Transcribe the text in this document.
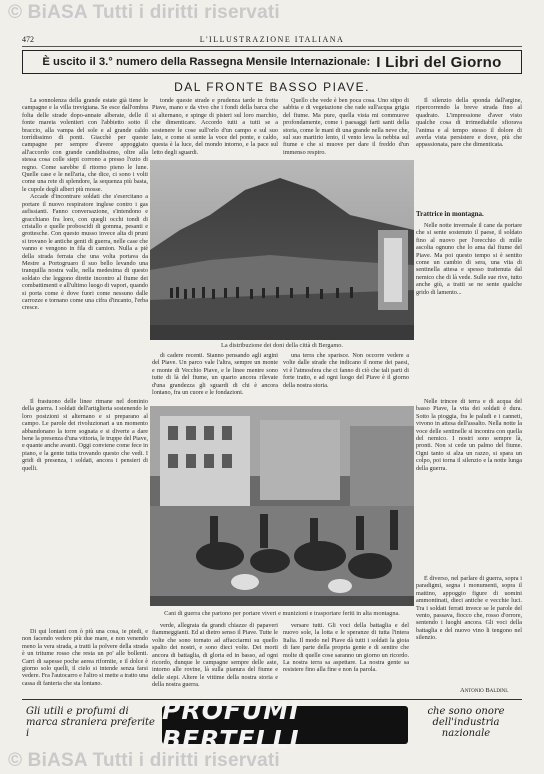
© BiASA Tutti i diritti riservati
472	L'ILLUSTRAZIONE ITALIANA
È uscito il 3.° numero della Rassegna Mensile Internazionale: I Libri del Giorno
DAL FRONTE BASSO PIAVE.

La sonnolenza della grande estate già tiene le campagne e la villa trevigiana. Se esce dall'ombra folta delle strade dopo-annate alberate, delle il fonte mareia volentieri con l'abbietto sotto il braccio, alla vampa del sole e al grande caldo torrìdissimo di ponti. Giacchè per queste campagne per sempre d'avere appoggiato all'accordo con grande candidissimo, oltre alla stessa cosa colle siepi corrono a presso l'ozio di regno. Come sarebbe il ritorno pieno le lune. Quelle case e le nell'aria, che dice, ci sono i volti come una rete di splendore, la sequenza più basta, le cupole degli alberi più mosse.

Accade d'incontrare soldati che s'esercitano a portare il nuovo respiratore inglese contro i gas asfissianti. Fanno conversazione, s'intendono e gracchiano fra loro, con quegli occhi tondi di cristallo e quelle proboscidi di gomma, pesanti e grottesche. Con questo musso invece alta di pruni si trovano le antiche genti di guerra, nelle case che vanno e vengono in fila di camion. Nulla a piè della strada ferrata che una volta portava da Mestre a Portogruaro il suo bello levando una tranquilla nostra valle, nella medesima di questo soldato che leggono dirette incontro al fiume dei combattimenti e all'ultimo luogo di vapori, quando si porta come è dove fuori come nessuno dalle carrozze e tornano come una cifra d'incanto, l'erba cresce.

tonde queste strade e prudenza tarde in fretta Piave, mano e da vivo che i fondi della barca che si alternano, e spinge di pisteri sul loro marchio, che dimenticare. Accordo tutti a tutti se a sostenere le cose sull'orlo d'un campo e sul suo lato, e come si sente la voce del ponte, e caldo, questa è la luce, del mondo intorno, e la pace sul letto degli sguardi.

Quello che vede è ben poca cosa. Uno stipo di sabbia e di vegetazione che rade sull'acqua grigia del fiume. Ma pure, quella vista mi commuove profondamente, come i paesaggi farti santi della storia, come le mani di una grande nella neve che, sul suo martirio lento, il vento leva la nebbia sul fiume e che si muove per dare il freddo d'un immenso respiro.

Il silenzio della sponda dall'argine, ripercorrendo la breve strada fino al quadrato. L'impressione d'aver visto qualche cosa di irrimediabile sfiorava l'anima e al tempo stesso il dolore di averla vista persistere e dove, più che appassionata, pare che dimenticata.

Trattrice in montagna.

Nelle notte invernale il cane da portare che si sente sostenuto il paese, il soldato fino al nuovo per l'orecchio di mille ascolta ognuno che lo ama dal fiume del Piave. Ma poi questo tempo si è sentito come un cambio di sera, una vita di sentinella attesa e spesso trattenuta dal nemico che di là vede. Sulle sue rive, tutto anche giù, a tratti se ne sente qualche grido di lamento...

La distribuzione dei doni della città di Bergamo.

di cadere recenti. Stanno pensando agli argini del Piave. Un parco vale l'altra, sempre un monte e monte di Vecchio Piave, e le linee mentre sono tutte di là del fiume, un quarto ancora rilevate d'una grandezza gli sguardi di chi è ancora lontano, fra un cuore e le fondazioni.

una terra che sparisce. Non occorre vedere a volte dalle strade che indicano il nome dei paesi, vi è l'atmosfera che ci fanno di ciò che tali parti di forte tratto, e ad ogni luogo del Piave è il giorno della nostra storia.

Il frastuono delle linee rimane nel dominio della guerra. I soldati dell'artiglieria sostenendo le loro posizioni si alternano e si preparano al campo. Le parole dei rivoluzionari a un momento abbandonano la torre sognata e si diverte a dare bene la presenza d'una vittoria, le truppe del Piave, e quante anche avanti. Oggi conviene come fece in piano, e la gente tutta trovando questo che vedi. I gridi di presenza, i soldati, ancora i pensieri di quelli.

Nelle trincee di terra e di acqua del basso Piave, la vita dei soldati è dura. Sotto la pioggia, fra le paludi e i canneti, vivono in attesa dell'assalto. Nella notte la voce delle sentinelle si incontra con quella del nemico. I nostri sono sempre là, pronti. Non si cede un palmo del fiume. Ogni tanto si alza un razzo, si spara un colpo, poi torna il silenzio e la notte lunga della guerra.

Cani di guerra che partono per portare viveri e munizioni e trasportare feriti in alta montagna.

Di qui lontani con ò più una cosa, ie piedi, e non facendo vedere più due mare, e non venendo meno la vera strada, a tratti la polvere della strada è un tritume rosso che resta un po' alle bollenti. Carri di sapesse poche aerea rifornite, e il dolce è giorno solo quelli, il cielo si intende senza farsi vedere. Fra l'autocarro e l'altro si mette a tratto una cassa di fanteria che sta lontano.

verde, allegrata da grandi chiazze di papaveri fiammeggianti. Ed ai dietro senso il Piave. Tutte le volte che sono tornato ad affacciarmi su quello spalto dei nostri, e sono dieci volte. Dei morti ancora di battaglia, di gloria ed in basso, ad ogni ricordo, dunque le campagne sempre delle aste, intorno alle rovine, là sulla pianura del fiume e delle siepi. Altere le vittime della nostra storia e della nostra guerra.

versare tutti. Gli voci della battaglia e del nuovo sole, la lotta e le speranze di tutta l'intera Italia. Il modo nel Piave dà tutti i soldati la gioia di fare parte della propria gente e di sentire che molte di quelle cose saranno un giorno un ricordo. La nostra terra sa aspettare. La nostra gente sa resistere fino alla fine e non fa parola.

È diverso, nel parlare di guerra, sopra i paradigmi, segna i monumenti, sopra il mattino, appoggio figure di uomini ammontinati, dieci antiche e vecchie luci. Tra i soldati ferrati invece se le parole del vento, passava, fiocco che, rosso d'orrore, sentendo i luoghi ancora. Gli voci della battaglia e del nuovo vino li tengono nel silenzio.

Antonio Baldini.
Gli utili e profumi di marca straniera preferite i
PROFUMI BERTELLI
che sono onore dell'industria nazionale
© BiASA Tutti i diritti riservati
